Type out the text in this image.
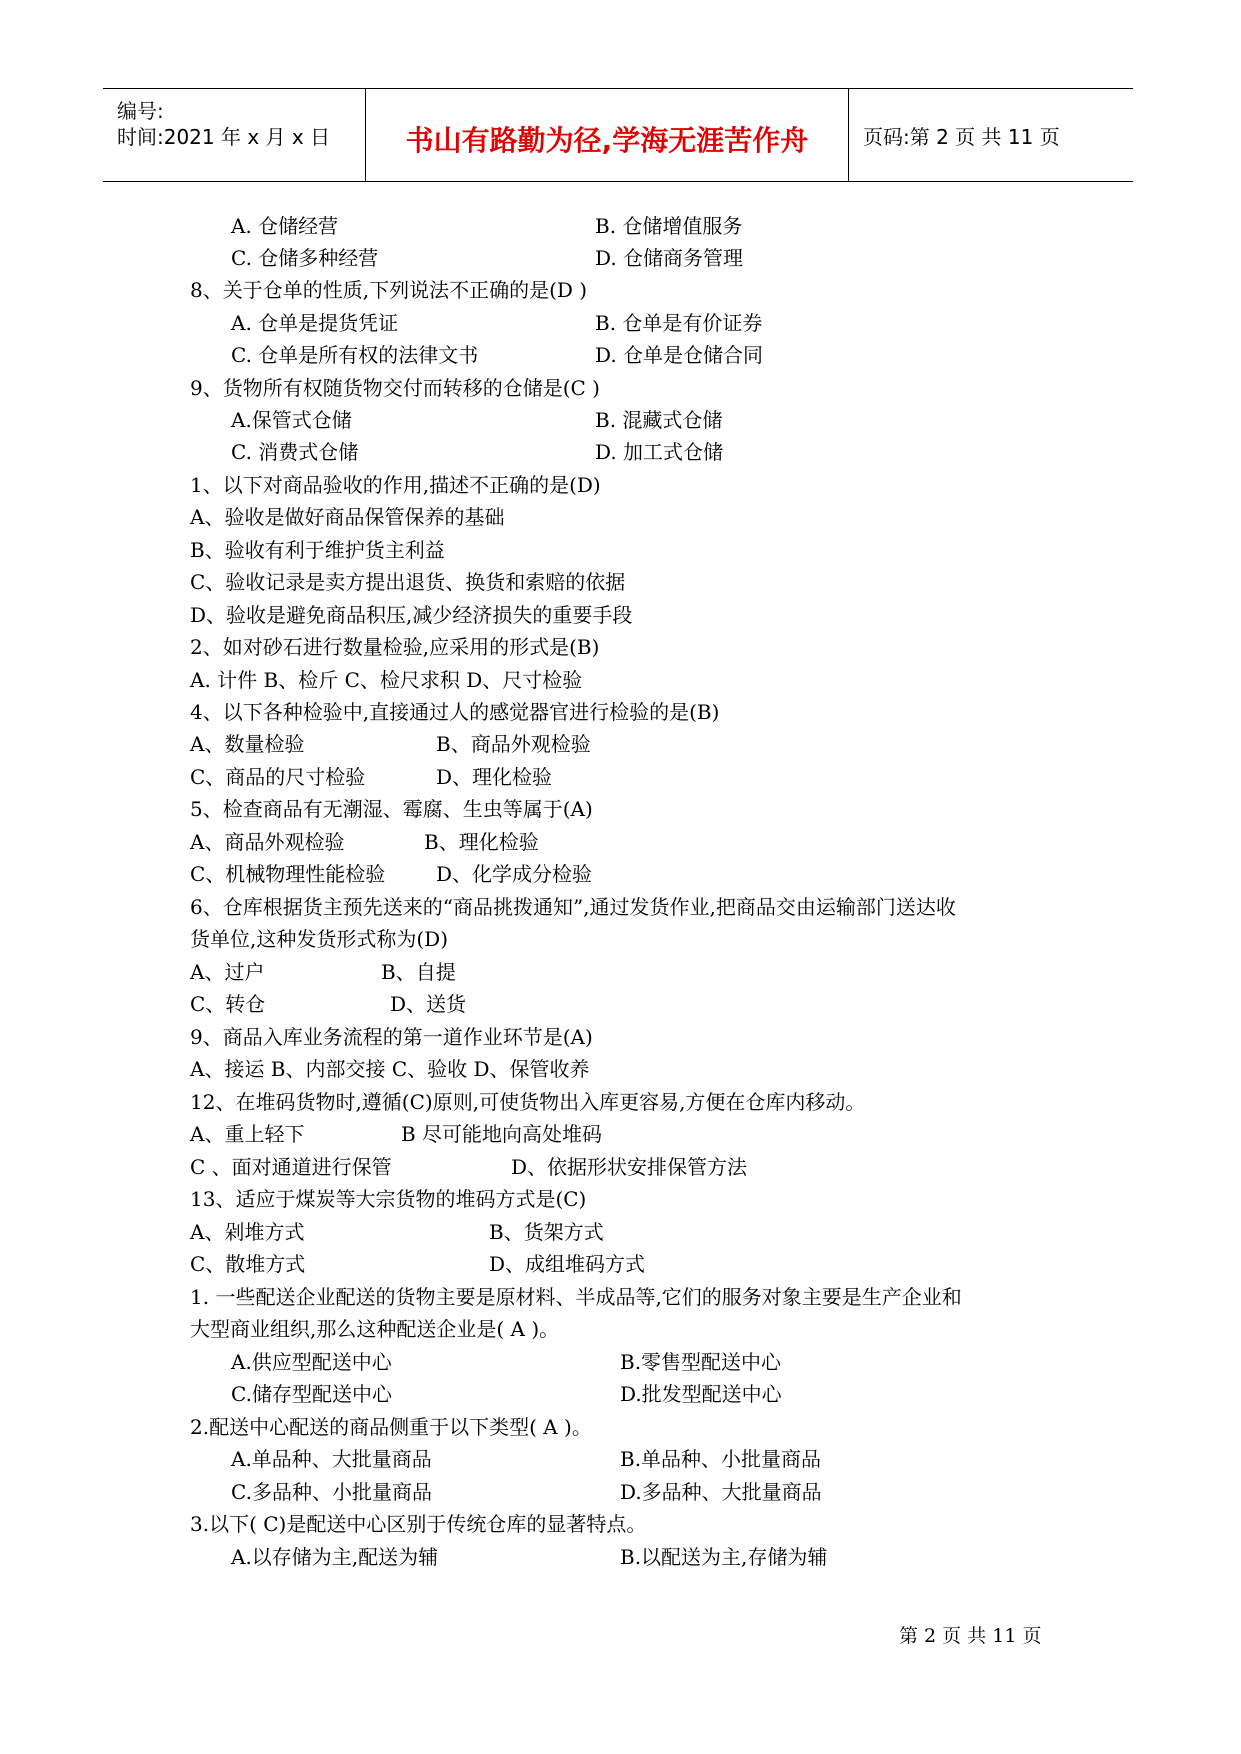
编号:
时间:2021 年 x 月 x 日	书山有路勤为径,学海无涯苦作舟	页码:第 2 页 共 11 页
A. 仓储经营	B. 仓储增值服务
C. 仓储多种经营	D. 仓储商务管理
8、关于仓单的性质,下列说法不正确的是(D )
A. 仓单是提货凭证	B. 仓单是有价证券
C. 仓单是所有权的法律文书	D. 仓单是仓储合同
9、货物所有权随货物交付而转移的仓储是(C )
A.保管式仓储	B. 混藏式仓储
C. 消费式仓储	D. 加工式仓储
1、以下对商品验收的作用,描述不正确的是(D)
A、验收是做好商品保管保养的基础
B、验收有利于维护货主利益
C、验收记录是卖方提出退货、换货和索赔的依据
D、验收是避免商品积压,减少经济损失的重要手段
2、如对砂石进行数量检验,应采用的形式是(B)
A. 计件 B、检斤 C、检尺求积 D、尺寸检验
4、以下各种检验中,直接通过人的感觉器官进行检验的是(B)
A、数量检验	B、商品外观检验
C、商品的尺寸检验	D、理化检验
5、检查商品有无潮湿、霉腐、生虫等属于(A)
A、商品外观检验	B、理化检验
C、机械物理性能检验	D、化学成分检验
6、仓库根据货主预先送来的“商品挑拨通知”,通过发货作业,把商品交由运输部门送达收
货单位,这种发货形式称为(D)
A、过户	B、自提
C、转仓	D、送货
9、商品入库业务流程的第一道作业环节是(A)
A、接运 B、内部交接 C、验收 D、保管收养
12、在堆码货物时,遵循(C)原则,可使货物出入库更容易,方便在仓库内移动。
A、重上轻下	B 尽可能地向高处堆码
C 、面对通道进行保管	D、依据形状安排保管方法
13、适应于煤炭等大宗货物的堆码方式是(C)
A、剁堆方式	B、货架方式
C、散堆方式	D、成组堆码方式
1. 一些配送企业配送的货物主要是原材料、半成品等,它们的服务对象主要是生产企业和
大型商业组织,那么这种配送企业是( A )。
A.供应型配送中心	B.零售型配送中心
C.储存型配送中心	D.批发型配送中心
2.配送中心配送的商品侧重于以下类型( A )。
A.单品种、大批量商品	B.单品种、小批量商品
C.多品种、小批量商品	D.多品种、大批量商品
3.以下( C)是配送中心区别于传统仓库的显著特点。
A.以存储为主,配送为辅	B.以配送为主,存储为辅
第 2 页 共 11 页
